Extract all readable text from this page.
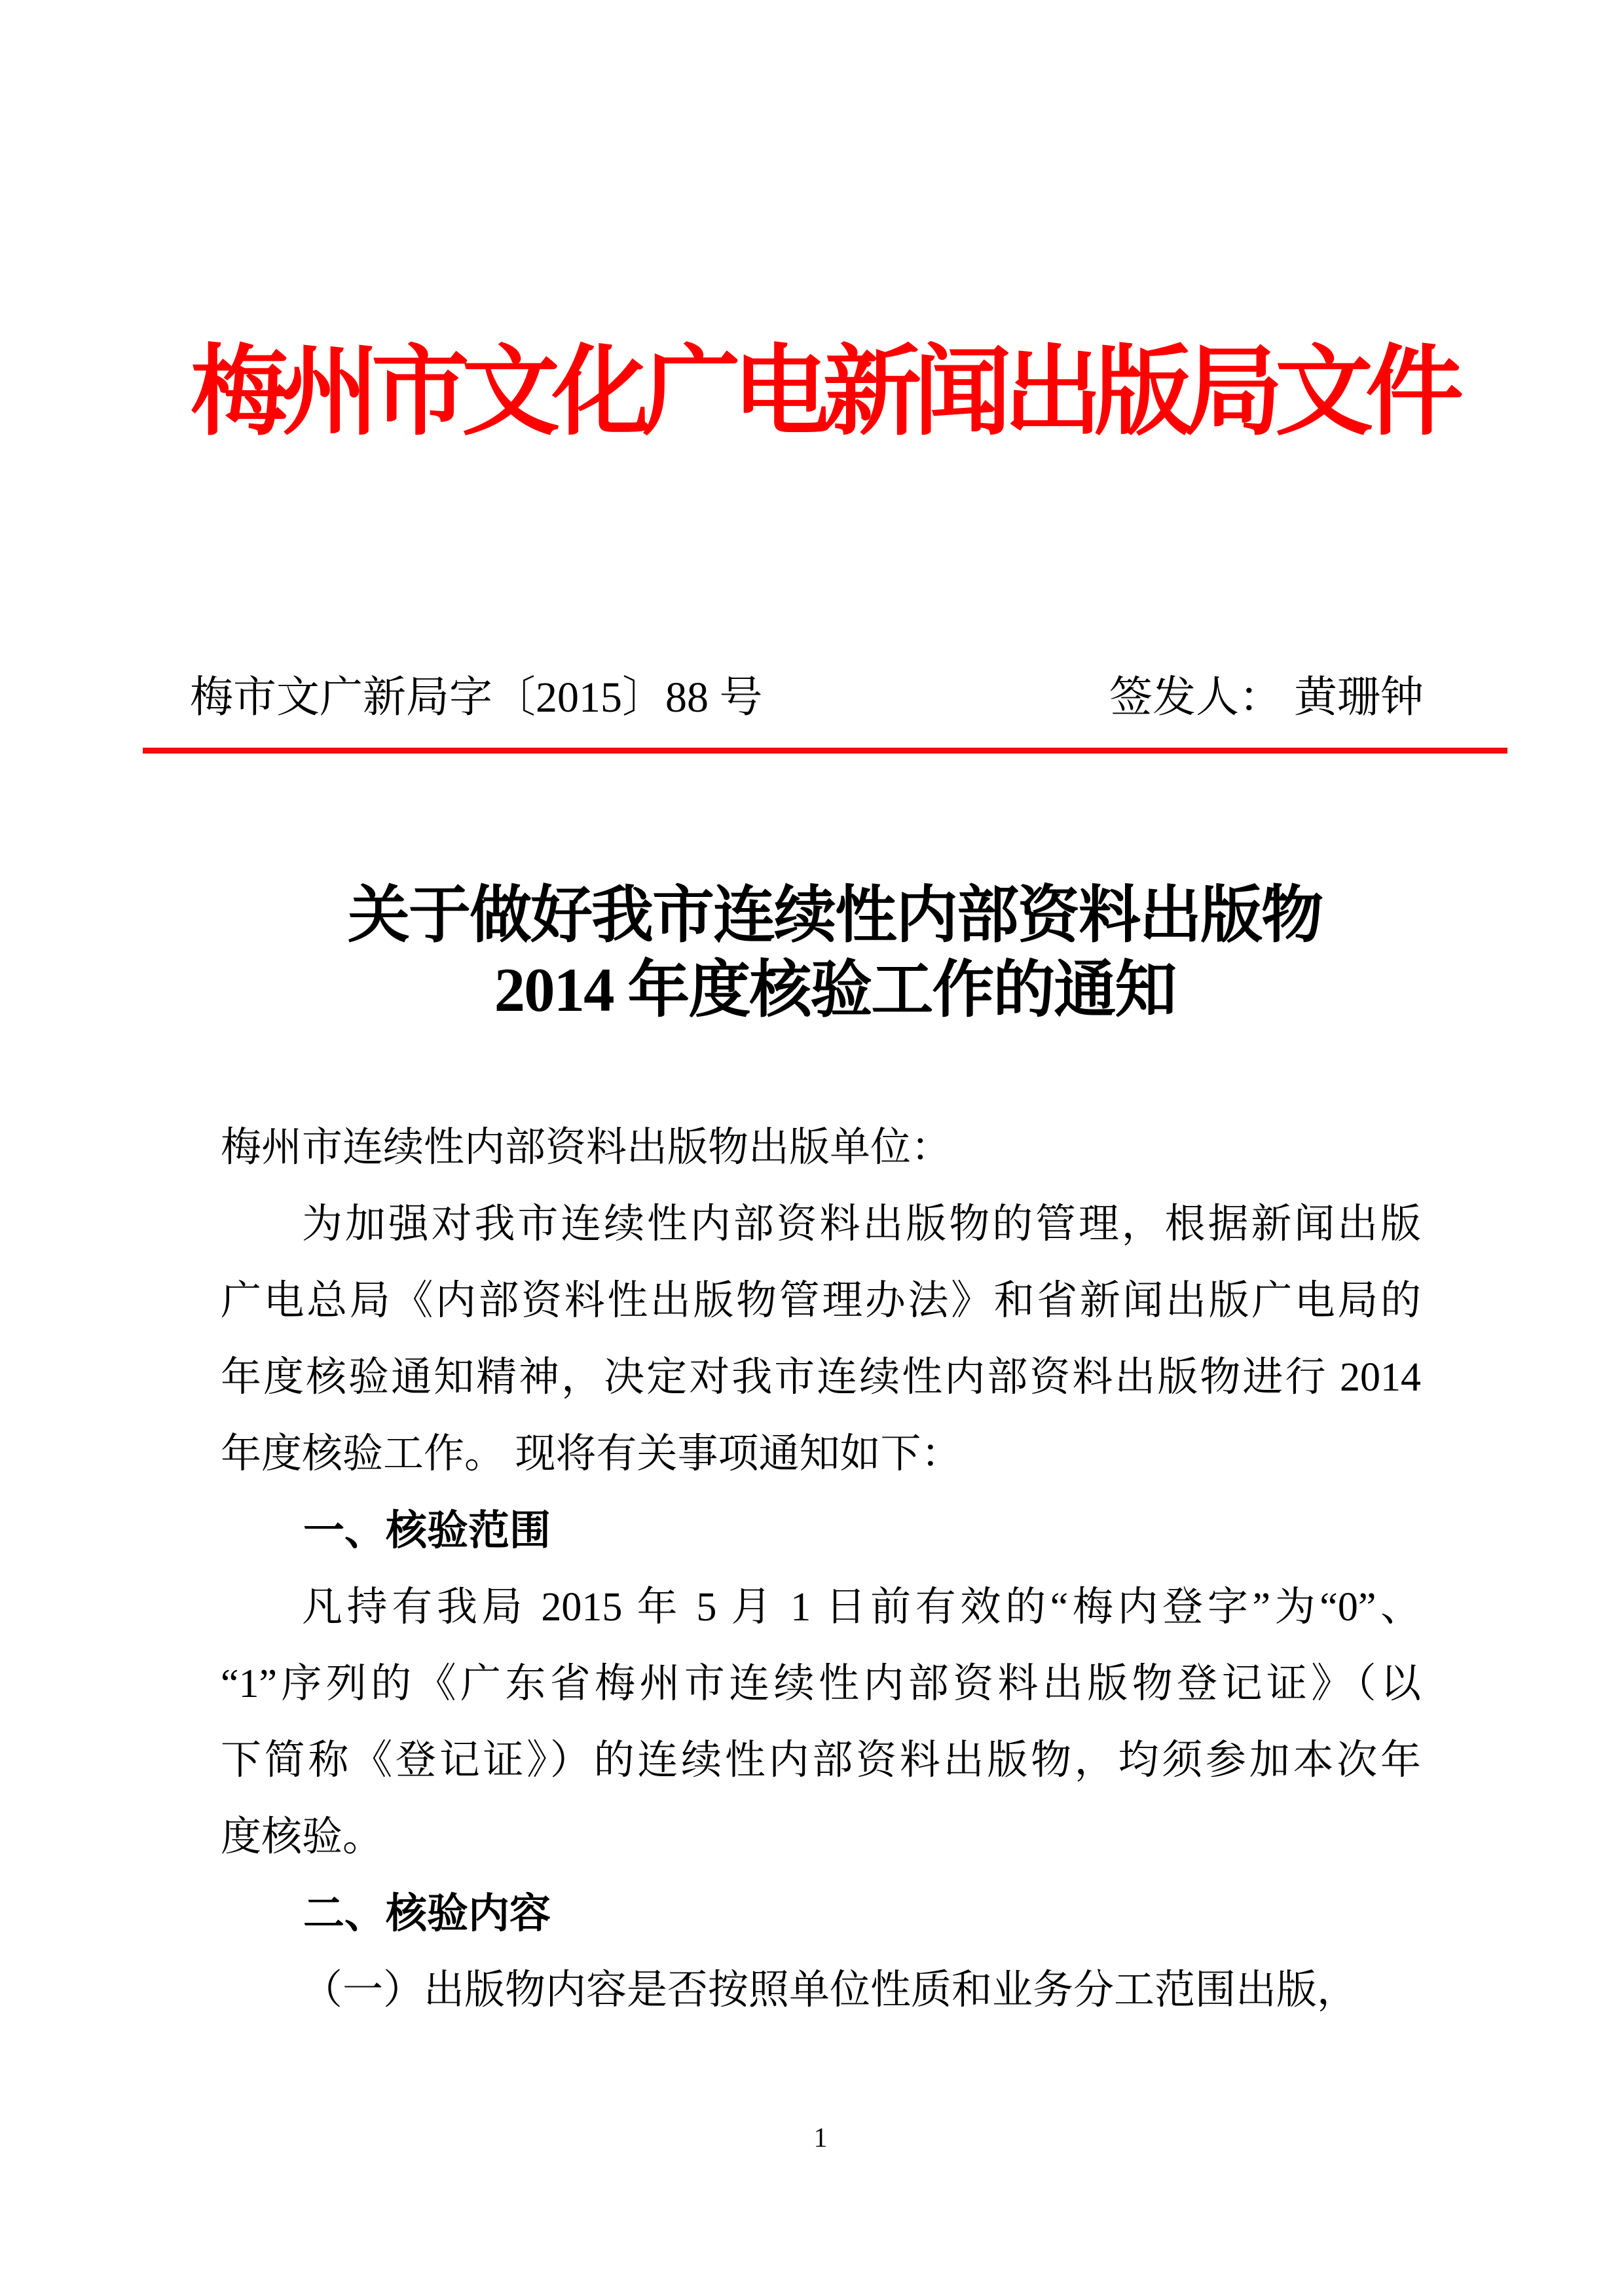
梅州市文化广电新闻出版局文件
梅市文广新局字〔2015〕88 号	签发人： 黄珊钟
关于做好我市连续性内部资料出版物
2014 年度核验工作的通知
梅州市连续性内部资料出版物出版单位：
为加强对我市连续性内部资料出版物的管理，根据新闻出版
广电总局《内部资料性出版物管理办法》和省新闻出版广电局的
年度核验通知精神，决定对我市连续性内部资料出版物进行 2014
年度核验工作。 现将有关事项通知如下：
一、核验范围
凡持有我局 2015 年 5 月 1 日前有效的“梅内登字”为“0”、
“1”序列的《广东省梅州市连续性内部资料出版物登记证》（以
下简称《登记证》）的连续性内部资料出版物，均须参加本次年
度核验。
二、核验内容
（一）出版物内容是否按照单位性质和业务分工范围出版，
1
